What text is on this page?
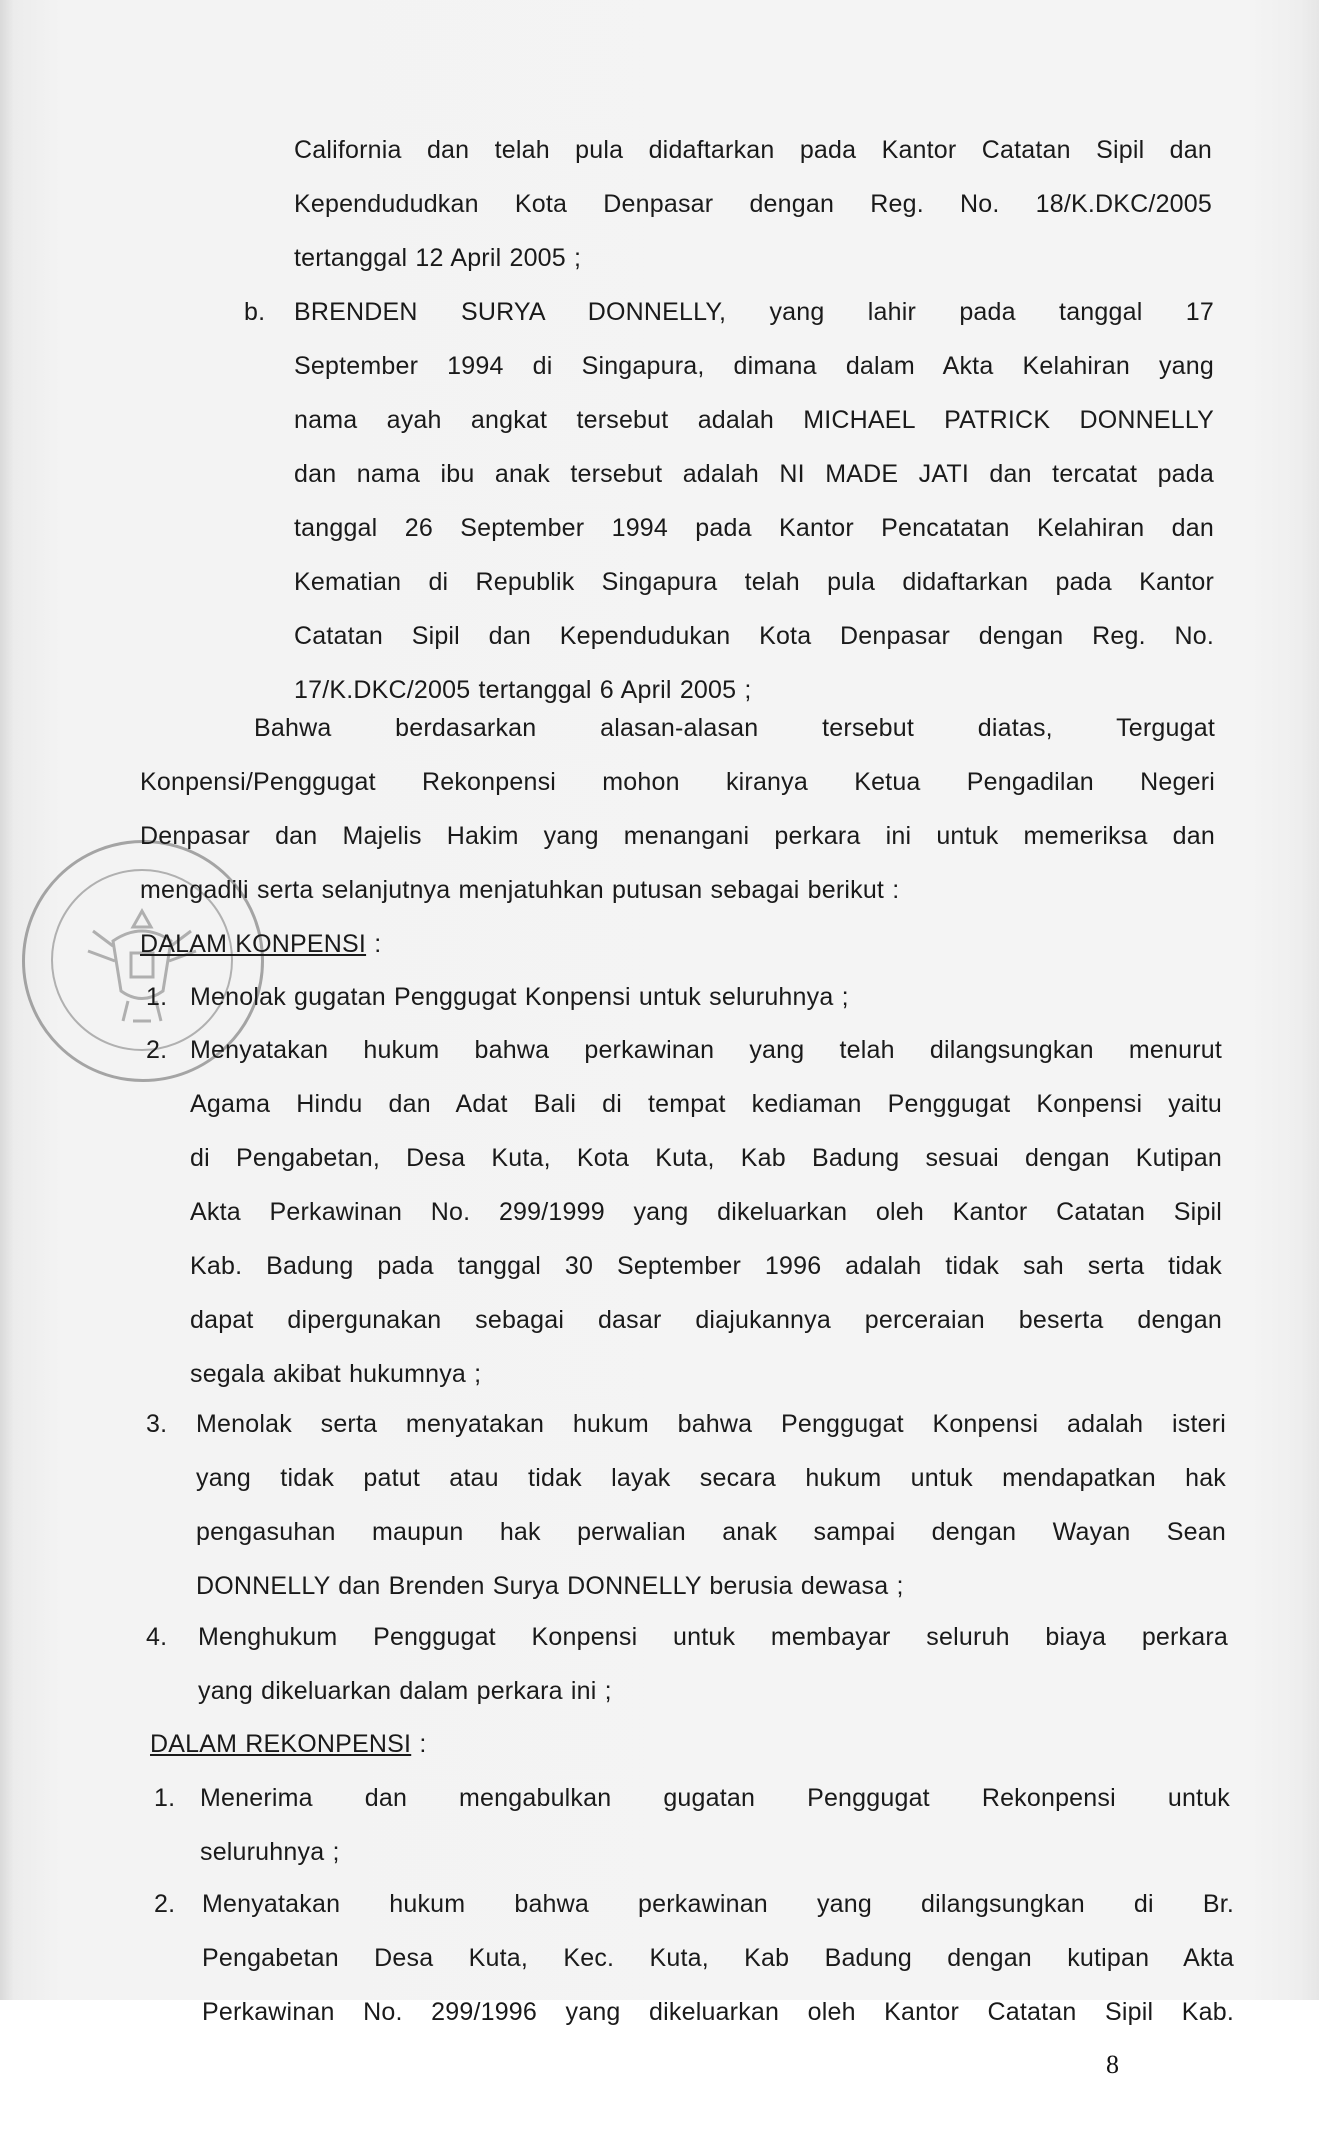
California dan telah pula didaftarkan pada Kantor Catatan Sipil dan
Kependududkan Kota Denpasar dengan Reg. No. 18/K.DKC/2005
tertanggal 12 April 2005 ;
b. BRENDEN SURYA DONNELLY, yang lahir pada tanggal 17
September 1994 di Singapura, dimana dalam Akta Kelahiran yang
nama ayah angkat tersebut adalah MICHAEL PATRICK DONNELLY
dan nama ibu anak tersebut adalah NI MADE JATI dan tercatat pada
tanggal 26 September 1994 pada Kantor Pencatatan Kelahiran dan
Kematian di Republik Singapura telah pula didaftarkan pada Kantor
Catatan Sipil dan Kependudukan Kota Denpasar dengan Reg. No.
17/K.DKC/2005 tertanggal 6 April 2005 ;
Bahwa berdasarkan alasan-alasan tersebut diatas, Tergugat
Konpensi/Penggugat Rekonpensi mohon kiranya Ketua Pengadilan Negeri
Denpasar dan Majelis Hakim yang menangani perkara ini untuk memeriksa dan
mengadili serta selanjutnya menjatuhkan putusan sebagai berikut :
DALAM KONPENSI :
1. Menolak gugatan Penggugat Konpensi untuk seluruhnya ;
2. Menyatakan hukum bahwa perkawinan yang telah dilangsungkan menurut
Agama Hindu dan Adat Bali di tempat kediaman Penggugat Konpensi yaitu
di Pengabetan, Desa Kuta, Kota Kuta, Kab Badung sesuai dengan Kutipan
Akta Perkawinan No. 299/1999 yang dikeluarkan oleh Kantor Catatan Sipil
Kab. Badung pada tanggal 30 September 1996 adalah tidak sah serta tidak
dapat dipergunakan sebagai dasar diajukannya perceraian beserta dengan
segala akibat hukumnya ;
3. Menolak serta menyatakan hukum bahwa Penggugat Konpensi adalah isteri
yang tidak patut atau tidak layak secara hukum untuk mendapatkan hak
pengasuhan maupun hak perwalian anak sampai dengan Wayan Sean
DONNELLY dan Brenden Surya DONNELLY berusia dewasa ;
4. Menghukum Penggugat Konpensi untuk membayar seluruh biaya perkara
yang dikeluarkan dalam perkara ini ;
DALAM REKONPENSI :
1. Menerima dan mengabulkan gugatan Penggugat Rekonpensi untuk
seluruhnya ;
2. Menyatakan hukum bahwa perkawinan yang dilangsungkan di Br.
Pengabetan Desa Kuta, Kec. Kuta, Kab Badung dengan kutipan Akta
Perkawinan No. 299/1996 yang dikeluarkan oleh Kantor Catatan Sipil Kab.
8
